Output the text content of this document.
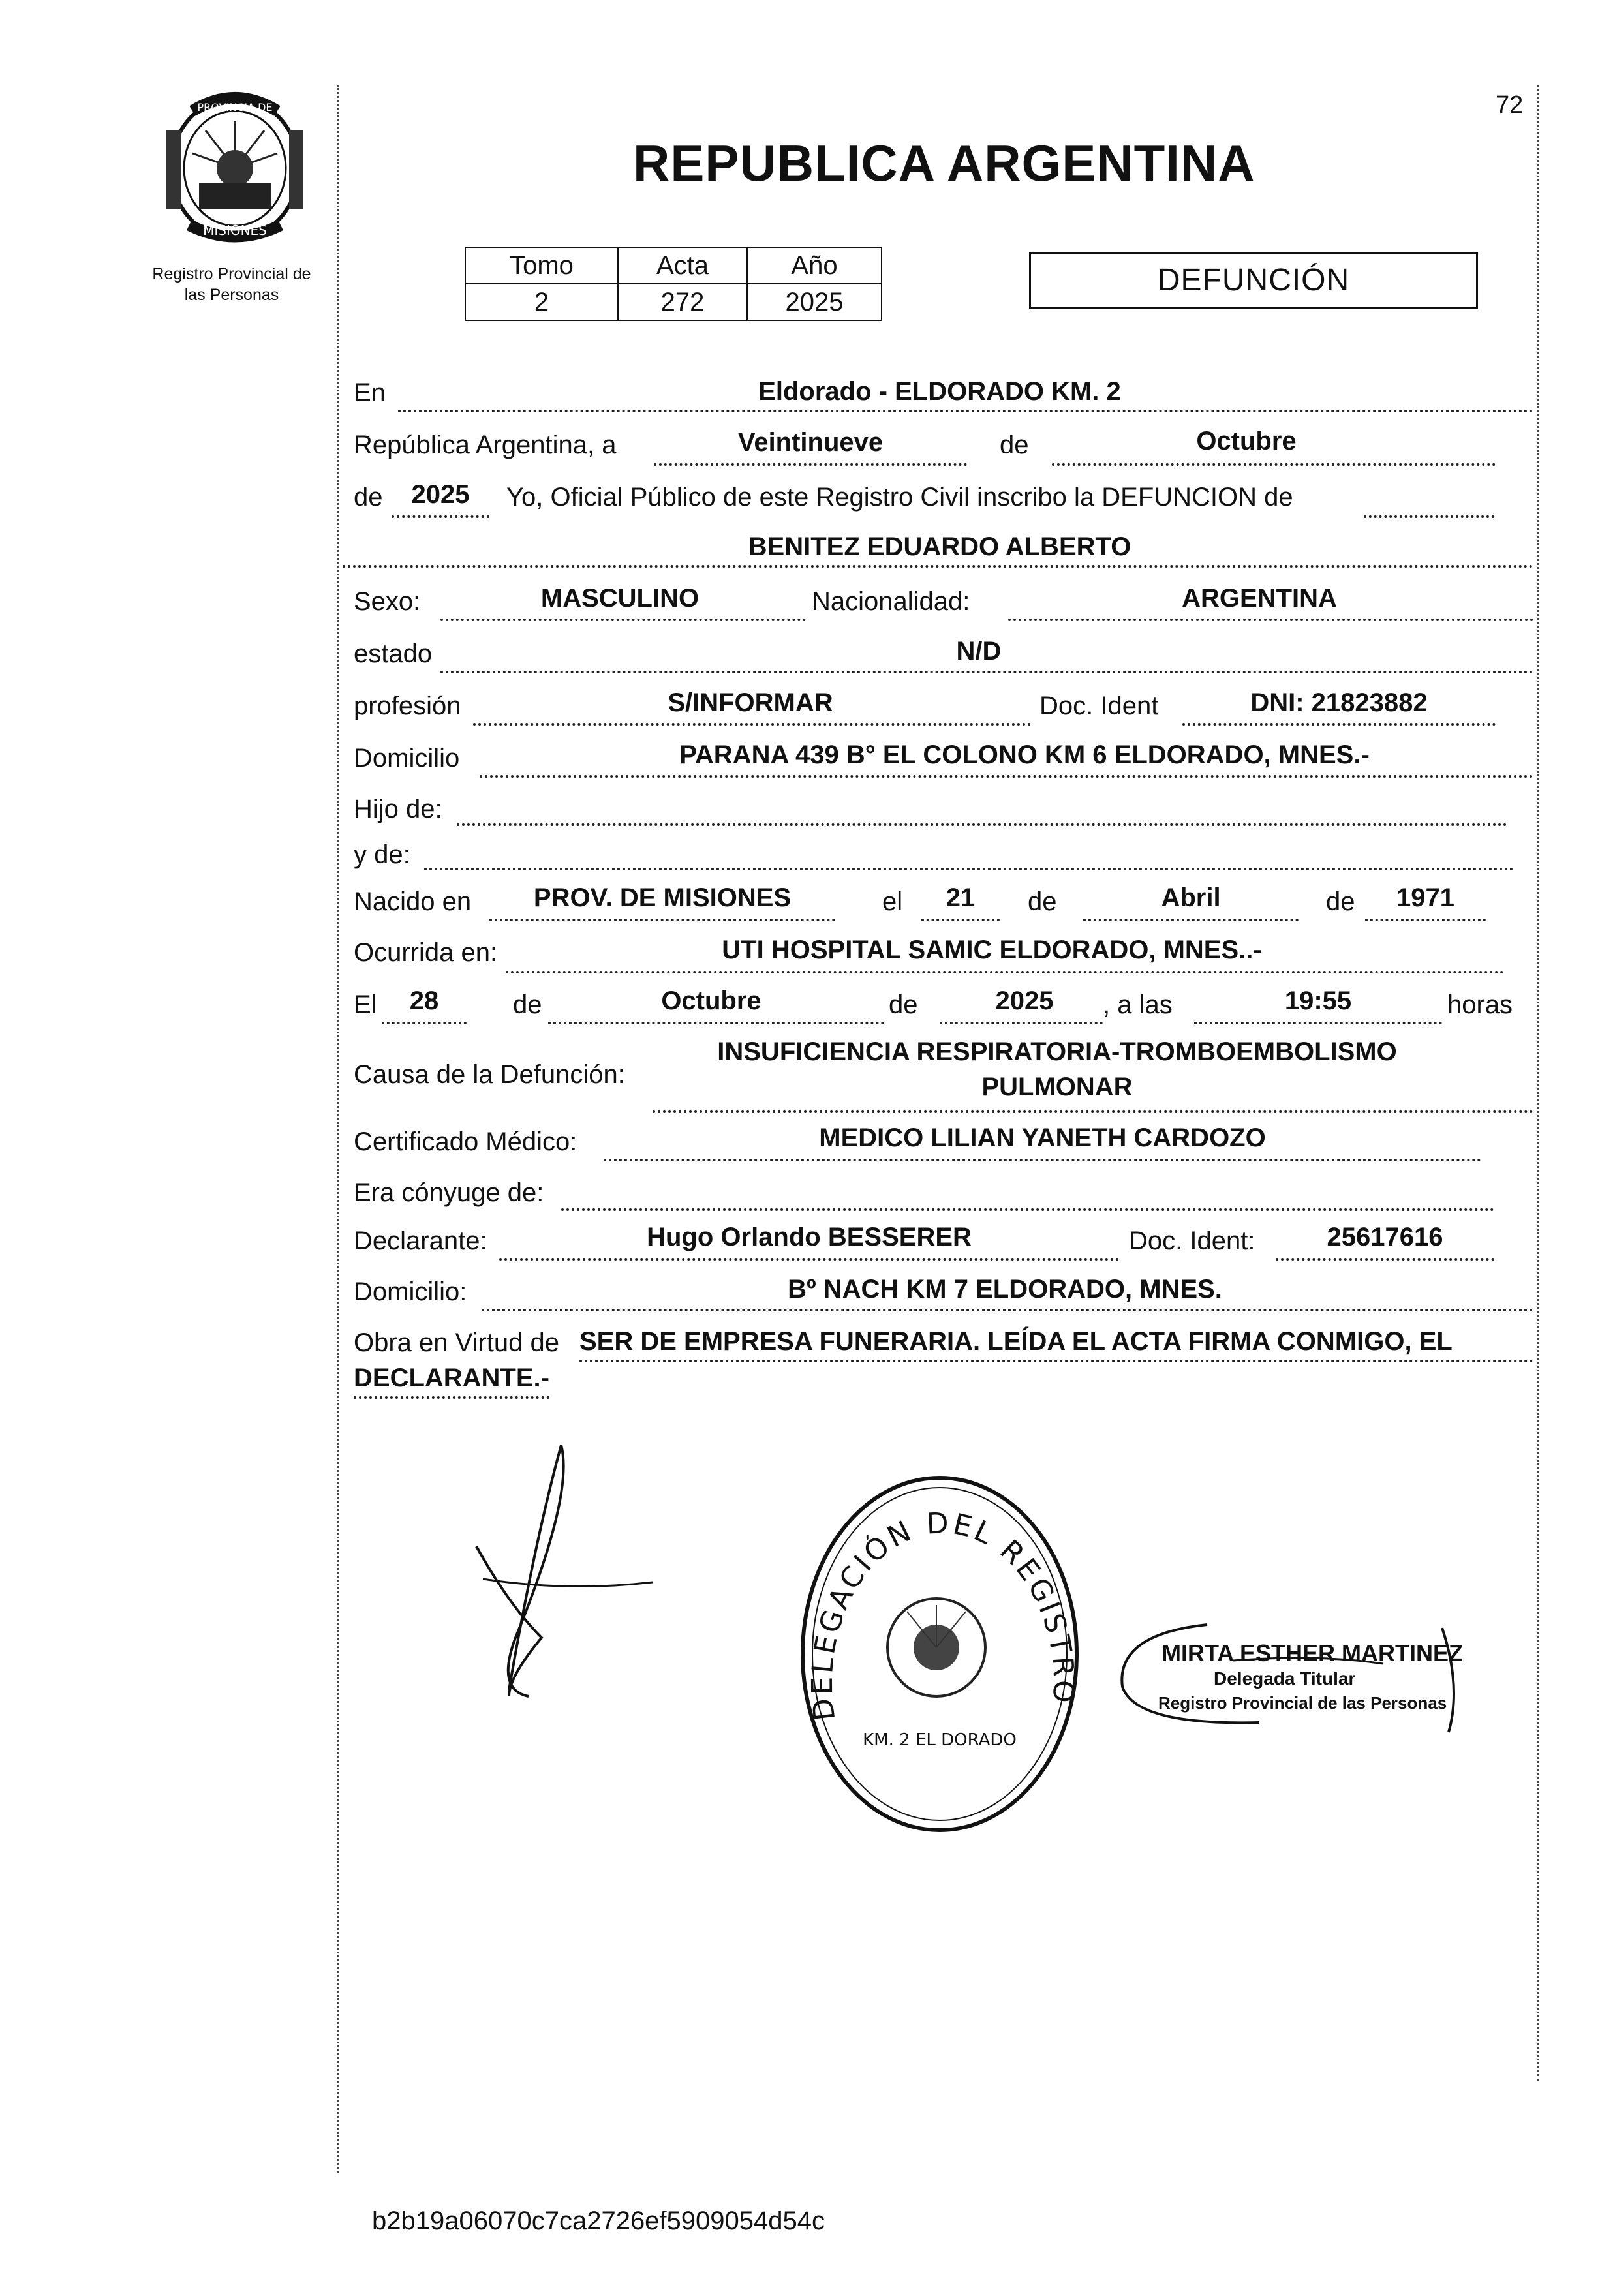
72
PROVINCIA DE
MISIONES
Registro Provincial de
las Personas
REPUBLICA ARGENTINA
Tomo	Acta	Año
2	272	2025
DEFUNCIÓN
En	Eldorado - ELDORADO KM. 2
República Argentina, a	Veintinueve	de	Octubre
de	2025	Yo, Oficial Público de este Registro Civil inscribo la DEFUNCION de
BENITEZ EDUARDO ALBERTO
Sexo:	MASCULINO	Nacionalidad:	ARGENTINA
estado	N/D
profesión	S/INFORMAR	Doc. Ident	DNI: 21823882
Domicilio	PARANA 439 B° EL COLONO KM 6 ELDORADO, MNES.-
Hijo de:
y de:
Nacido en	PROV. DE MISIONES	el	21	de	Abril	de	1971
Ocurrida en:	UTI HOSPITAL SAMIC ELDORADO, MNES..-
El	28	de	Octubre	de	2025	, a las	19:55	horas
Causa de la Defunción:
INSUFICIENCIA RESPIRATORIA-TROMBOEMBOLISMO
PULMONAR
Certificado Médico:	MEDICO LILIAN YANETH CARDOZO
Era cónyuge de:
Declarante:	Hugo Orlando BESSERER	Doc. Ident:	25617616
Domicilio:	Bº NACH KM 7 ELDORADO, MNES.
Obra en Virtud de SER DE EMPRESA FUNERARIA. LEÍDA EL ACTA FIRMA CONMIGO, EL
DECLARANTE.-
DELEGACIÓN DEL REGISTRO
KM. 2 EL DORADO
MIRTA ESTHER MARTINEZ
Delegada Titular
Registro Provincial de las Personas
b2b19a06070c7ca2726ef5909054d54c
